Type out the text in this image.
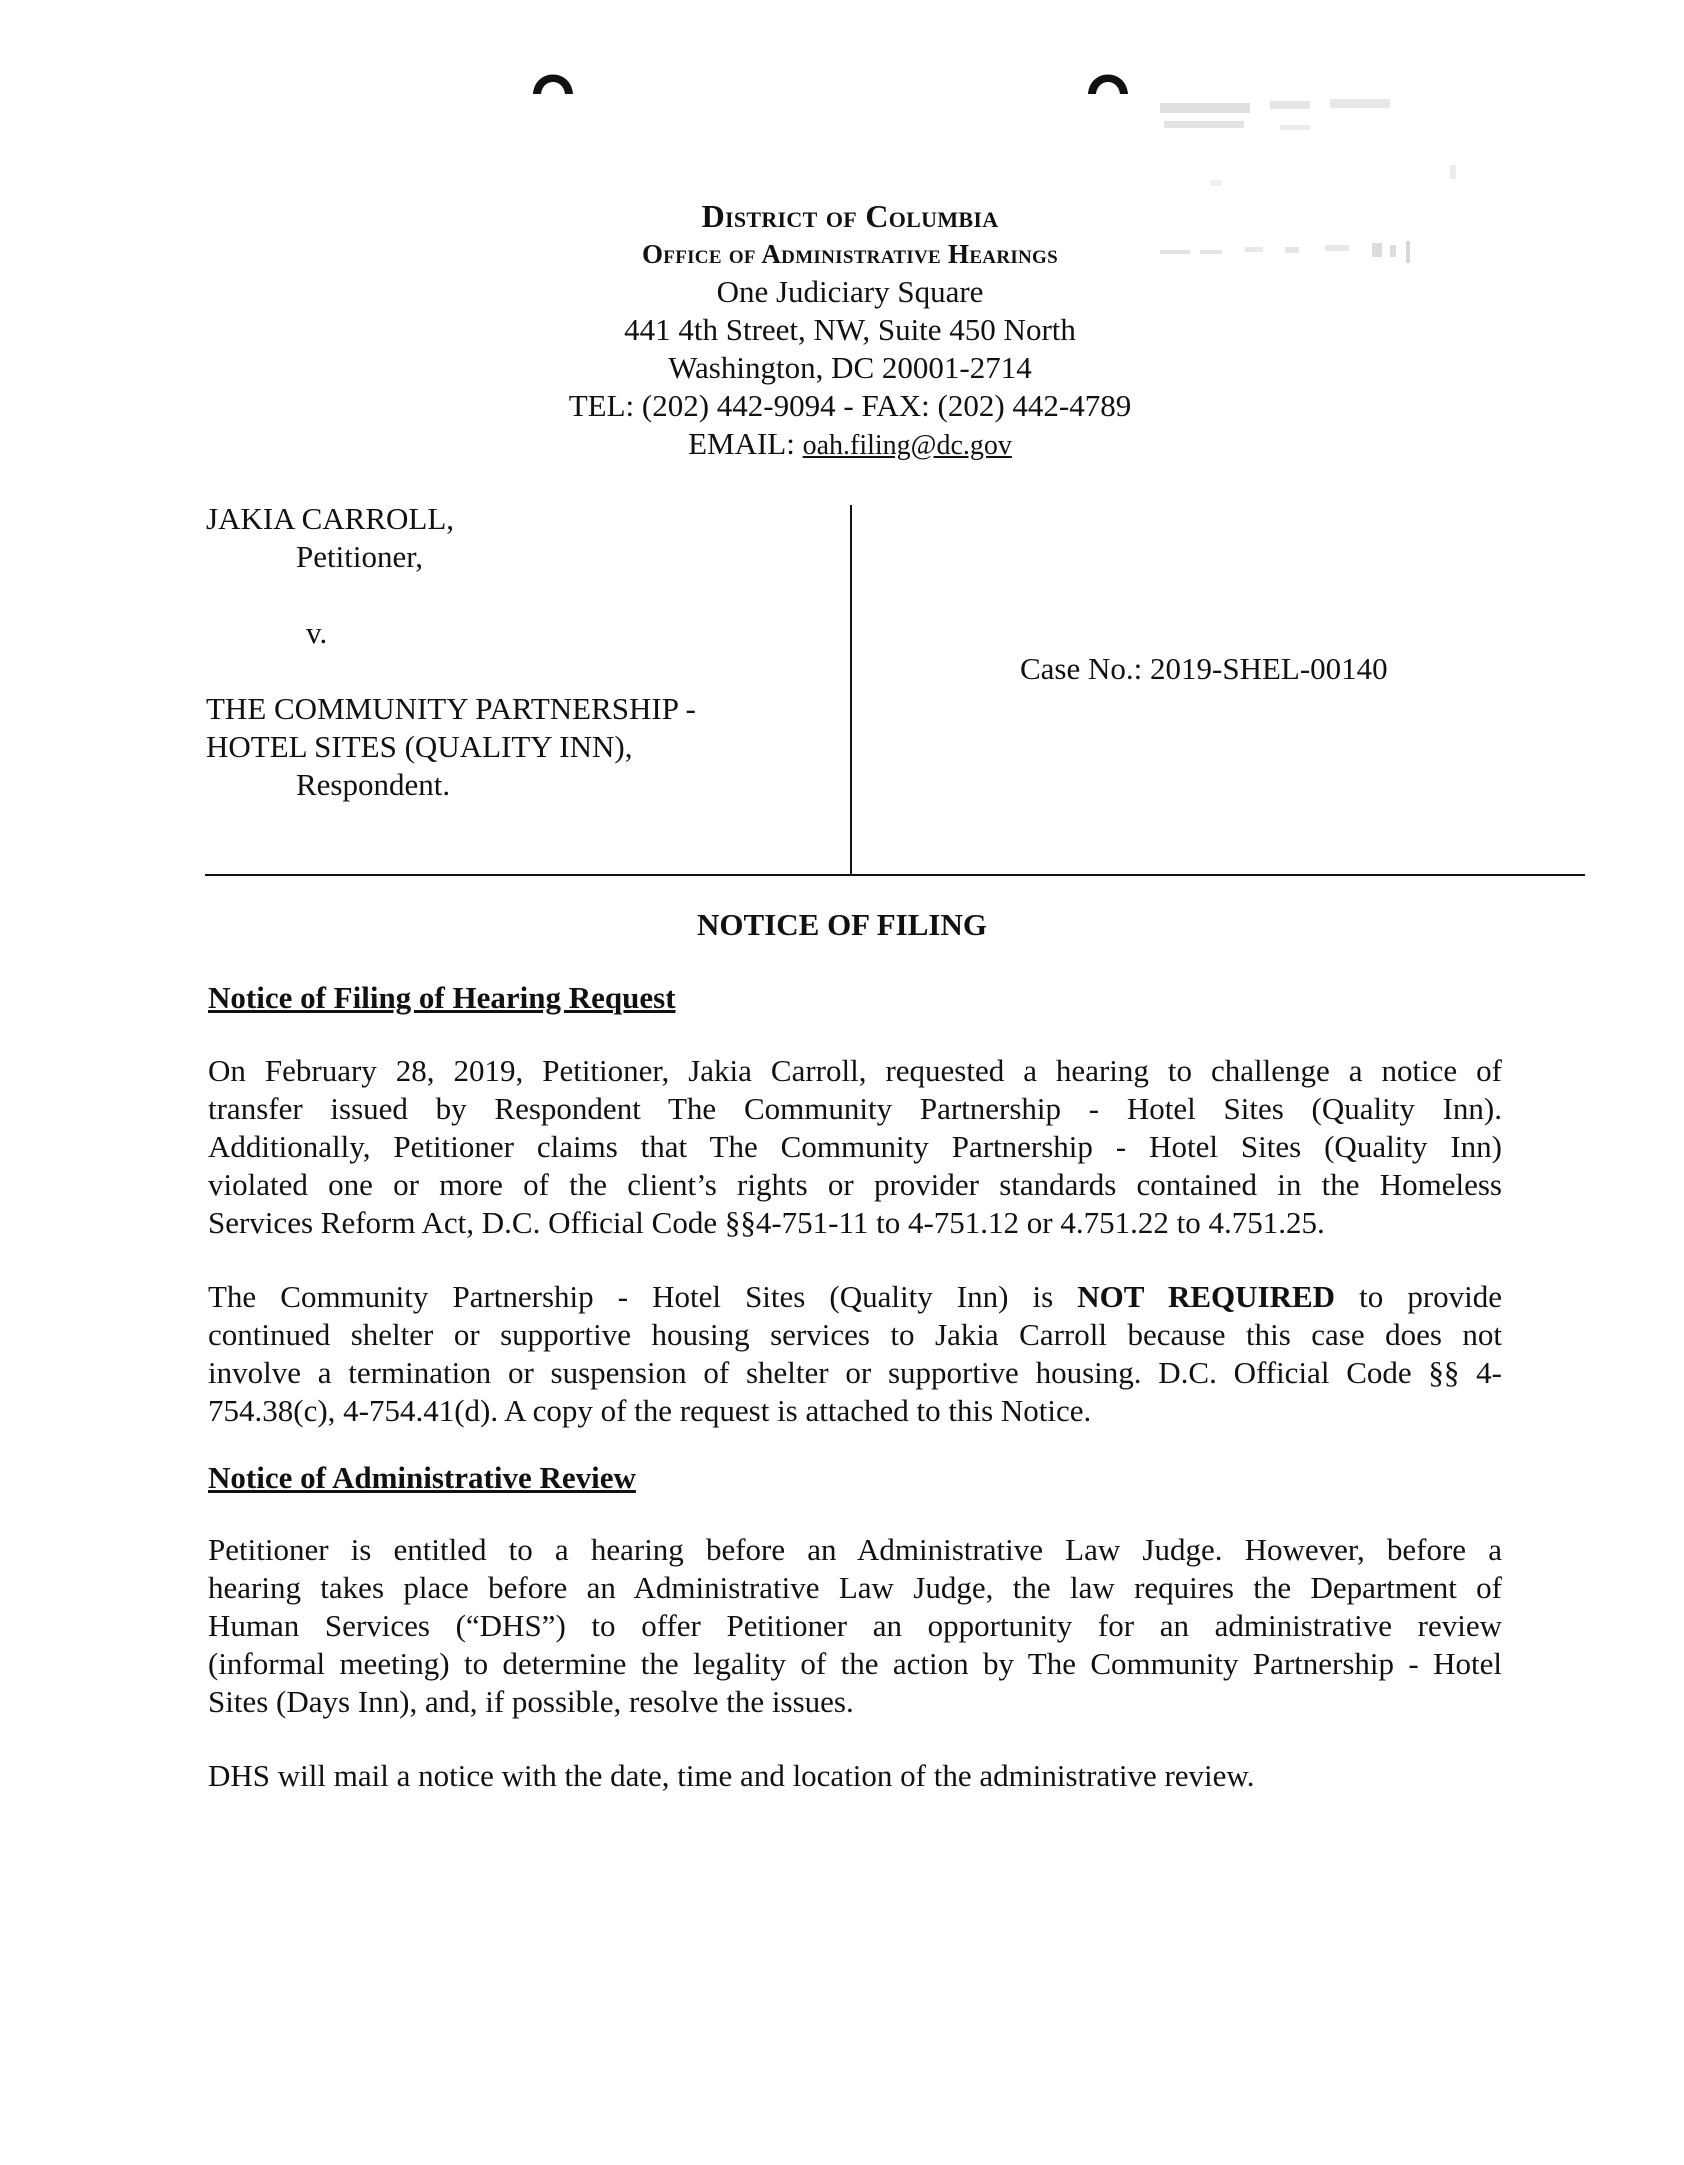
District of Columbia
Office of Administrative Hearings
One Judiciary Square
441 4th Street, NW, Suite 450 North
Washington, DC 20001-2714
TEL: (202) 442-9094 - FAX: (202) 442-4789
EMAIL: oah.filing@dc.gov
JAKIA CARROLL,
Petitioner,
v.
THE COMMUNITY PARTNERSHIP -
HOTEL SITES (QUALITY INN),
Respondent.
Case No.: 2019-SHEL-00140
NOTICE OF FILING
Notice of Filing of Hearing Request
On February 28, 2019, Petitioner, Jakia Carroll, requested a hearing to challenge a notice of
transfer issued by Respondent The Community Partnership - Hotel Sites (Quality Inn).
Additionally, Petitioner claims that The Community Partnership - Hotel Sites (Quality Inn)
violated one or more of the client’s rights or provider standards contained in the Homeless
Services Reform Act, D.C. Official Code §§4-751-11 to 4-751.12 or 4.751.22 to 4.751.25.
The Community Partnership - Hotel Sites (Quality Inn) is NOT REQUIRED to provide
continued shelter or supportive housing services to Jakia Carroll because this case does not
involve a termination or suspension of shelter or supportive housing. D.C. Official Code §§ 4-
754.38(c), 4-754.41(d). A copy of the request is attached to this Notice.
Notice of Administrative Review
Petitioner is entitled to a hearing before an Administrative Law Judge. However, before a
hearing takes place before an Administrative Law Judge, the law requires the Department of
Human Services (“DHS”) to offer Petitioner an opportunity for an administrative review
(informal meeting) to determine the legality of the action by The Community Partnership - Hotel
Sites (Days Inn), and, if possible, resolve the issues.
DHS will mail a notice with the date, time and location of the administrative review.
